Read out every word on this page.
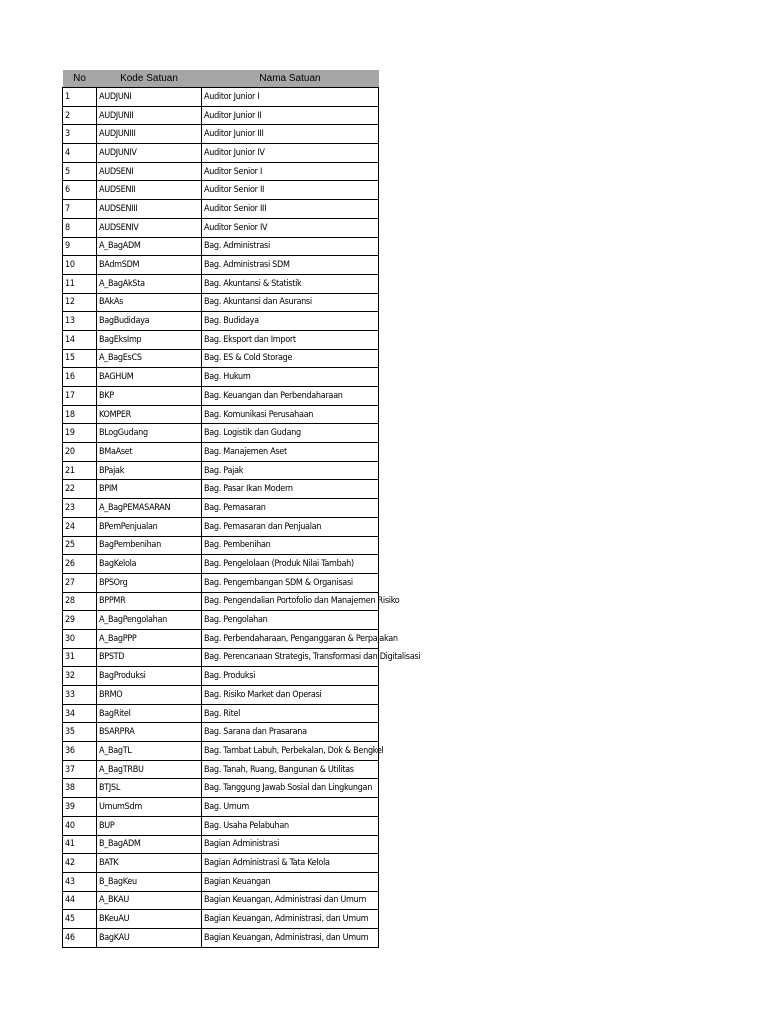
No	Kode Satuan	Nama Satuan
1	AUDJUNI	Auditor Junior I
2	AUDJUNII	Auditor Junior II
3	AUDJUNIII	Auditor Junior III
4	AUDJUNIV	Auditor Junior IV
5	AUDSENI	Auditor Senior I
6	AUDSENII	Auditor Senior II
7	AUDSENIII	Auditor Senior III
8	AUDSENIV	Auditor Senior IV
9	A_BagADM	Bag. Administrasi
10	BAdmSDM	Bag. Administrasi SDM
11	A_BagAkSta	Bag. Akuntansi & Statistik
12	BAkAs	Bag. Akuntansi dan Asuransi
13	BagBudidaya	Bag. Budidaya
14	BagEksImp	Bag. Eksport dan Import
15	A_BagEsCS	Bag. ES & Cold Storage
16	BAGHUM	Bag. Hukum
17	BKP	Bag. Keuangan dan Perbendaharaan
18	KOMPER	Bag. Komunikasi Perusahaan
19	BLogGudang	Bag. Logistik dan Gudang
20	BMaAset	Bag. Manajemen Aset
21	BPajak	Bag. Pajak
22	BPIM	Bag. Pasar Ikan Modern
23	A_BagPEMASARAN	Bag. Pemasaran
24	BPemPenjualan	Bag. Pemasaran dan Penjualan
25	BagPembenihan	Bag. Pembenihan
26	BagKelola	Bag. Pengelolaan (Produk Nilai Tambah)
27	BPSOrg	Bag. Pengembangan SDM & Organisasi
28	BPPMR	Bag. Pengendalian Portofolio dan Manajemen Risiko
29	A_BagPengolahan	Bag. Pengolahan
30	A_BagPPP	Bag. Perbendaharaan, Penganggaran & Perpajakan
31	BPSTD	Bag. Perencanaan Strategis, Transformasi dan Digitalisasi
32	BagProduksi	Bag. Produksi
33	BRMO	Bag. Risiko Market dan Operasi
34	BagRitel	Bag. Ritel
35	BSARPRA	Bag. Sarana dan Prasarana
36	A_BagTL	Bag. Tambat Labuh, Perbekalan, Dok & Bengkel
37	A_BagTRBU	Bag. Tanah, Ruang, Bangunan & Utilitas
38	BTJSL	Bag. Tanggung Jawab Sosial dan Lingkungan
39	UmumSdm	Bag. Umum
40	BUP	Bag. Usaha Pelabuhan
41	B_BagADM	Bagian Administrasi
42	BATK	Bagian Administrasi & Tata Kelola
43	B_BagKeu	Bagian Keuangan
44	A_BKAU	Bagian Keuangan, Administrasi dan Umum
45	BKeuAU	Bagian Keuangan, Administrasi, dan Umum
46	BagKAU	Bagian Keuangan, Administrasi, dan Umum
